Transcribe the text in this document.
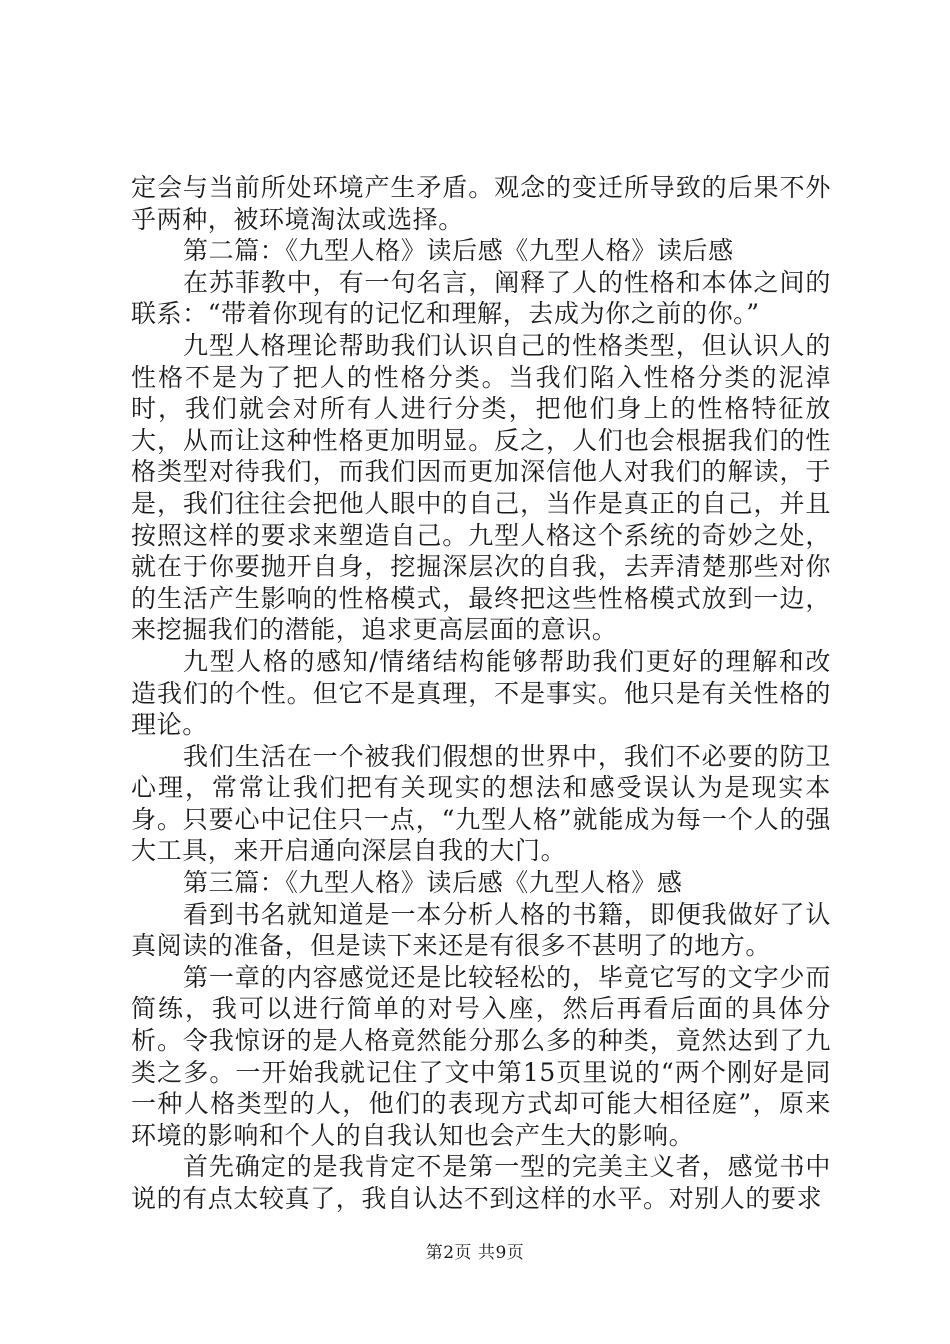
定会与当前所处环境产生矛盾。观念的变迁所导致的后果不外乎两种，被环境淘汰或选择。

第二篇：《九型人格》读后感《九型人格》读后感

在苏菲教中，有一句名言，阐释了人的性格和本体之间的联系：“带着你现有的记忆和理解，去成为你之前的你。”

九型人格理论帮助我们认识自己的性格类型，但认识人的性格不是为了把人的性格分类。当我们陷入性格分类的泥淖时，我们就会对所有人进行分类，把他们身上的性格特征放大，从而让这种性格更加明显。反之，人们也会根据我们的性格类型对待我们，而我们因而更加深信他人对我们的解读，于是，我们往往会把他人眼中的自己，当作是真正的自己，并且按照这样的要求来塑造自己。九型人格这个系统的奇妙之处，就在于你要抛开自身，挖掘深层次的自我，去弄清楚那些对你的生活产生影响的性格模式，最终把这些性格模式放到一边，来挖掘我们的潜能，追求更高层面的意识。

九型人格的感知/情绪结构能够帮助我们更好的理解和改造我们的个性。但它不是真理，不是事实。他只是有关性格的理论。

我们生活在一个被我们假想的世界中，我们不必要的防卫心理，常常让我们把有关现实的想法和感受误认为是现实本身。只要心中记住只一点，“九型人格”就能成为每一个人的强大工具，来开启通向深层自我的大门。

第三篇：《九型人格》读后感《九型人格》感

看到书名就知道是一本分析人格的书籍，即便我做好了认真阅读的准备，但是读下来还是有很多不甚明了的地方。

第一章的内容感觉还是比较轻松的，毕竟它写的文字少而简练，我可以进行简单的对号入座，然后再看后面的具体分析。令我惊讶的是人格竟然能分那么多的种类，竟然达到了九类之多。一开始我就记住了文中第15页里说的“两个刚好是同一种人格类型的人，他们的表现方式却可能大相径庭”，原来环境的影响和个人的自我认知也会产生大的影响。

首先确定的是我肯定不是第一型的完美主义者，感觉书中说的有点太较真了，我自认达不到这样的水平。对别人的要求

第2页 共9页
